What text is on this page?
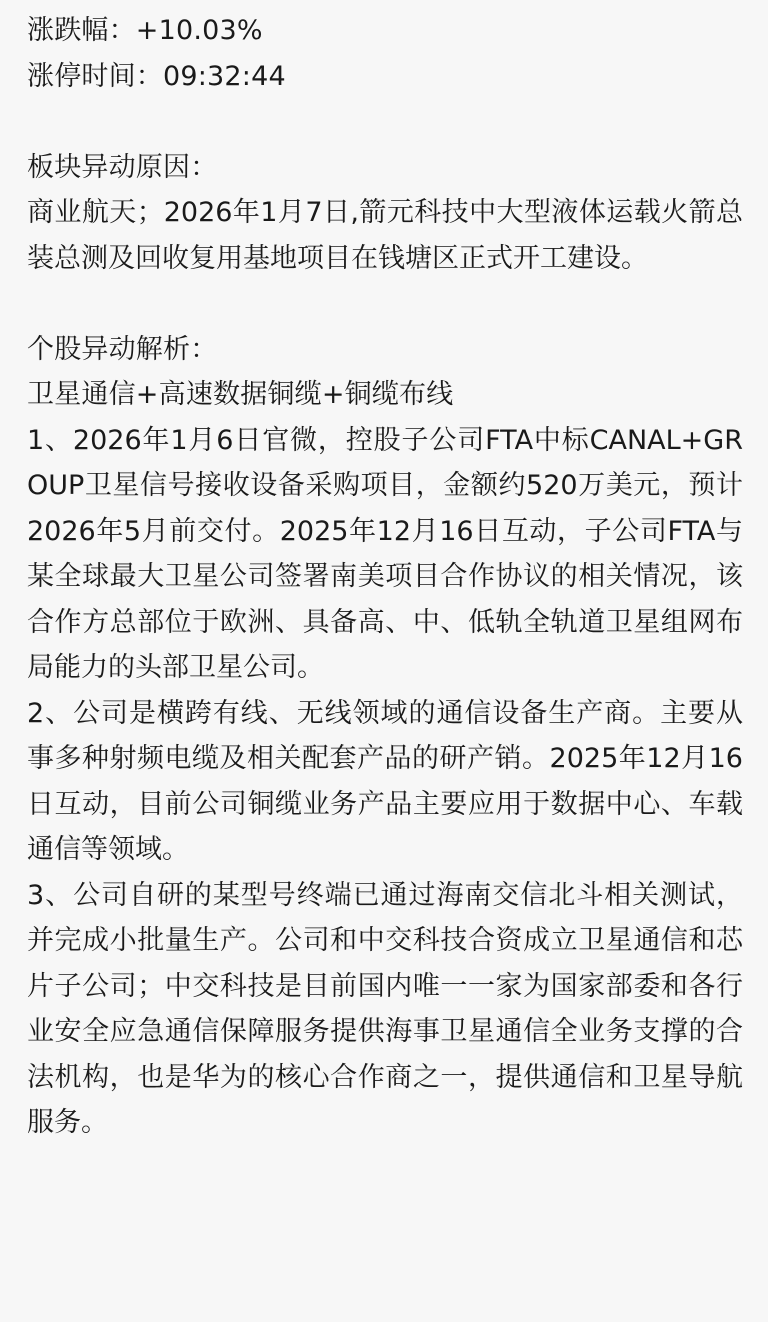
涨跌幅：+10.03%
涨停时间：09:32:44
板块异动原因：
商业航天；2026年1月7日,箭元科技中大型液体运载火箭总装总测及回收复用基地项目在钱塘区正式开工建设。
个股异动解析：
卫星通信+高速数据铜缆+铜缆布线
1、2026年1月6日官微，控股子公司FTA中标CANAL+GROUP卫星信号接收设备采购项目，金额约520万美元，预计2026年5月前交付。2025年12月16日互动，子公司FTA与某全球最大卫星公司签署南美项目合作协议的相关情况，该合作方总部位于欧洲、具备高、中、低轨全轨道卫星组网布局能力的头部卫星公司。
2、公司是横跨有线、无线领域的通信设备生产商。主要从事多种射频电缆及相关配套产品的研产销。2025年12月16日互动，目前公司铜缆业务产品主要应用于数据中心、车载通信等领域。
3、公司自研的某型号终端已通过海南交信北斗相关测试，并完成小批量生产。公司和中交科技合资成立卫星通信和芯片子公司；中交科技是目前国内唯一一家为国家部委和各行业安全应急通信保障服务提供海事卫星通信全业务支撑的合法机构，也是华为的核心合作商之一，提供通信和卫星导航服务。
